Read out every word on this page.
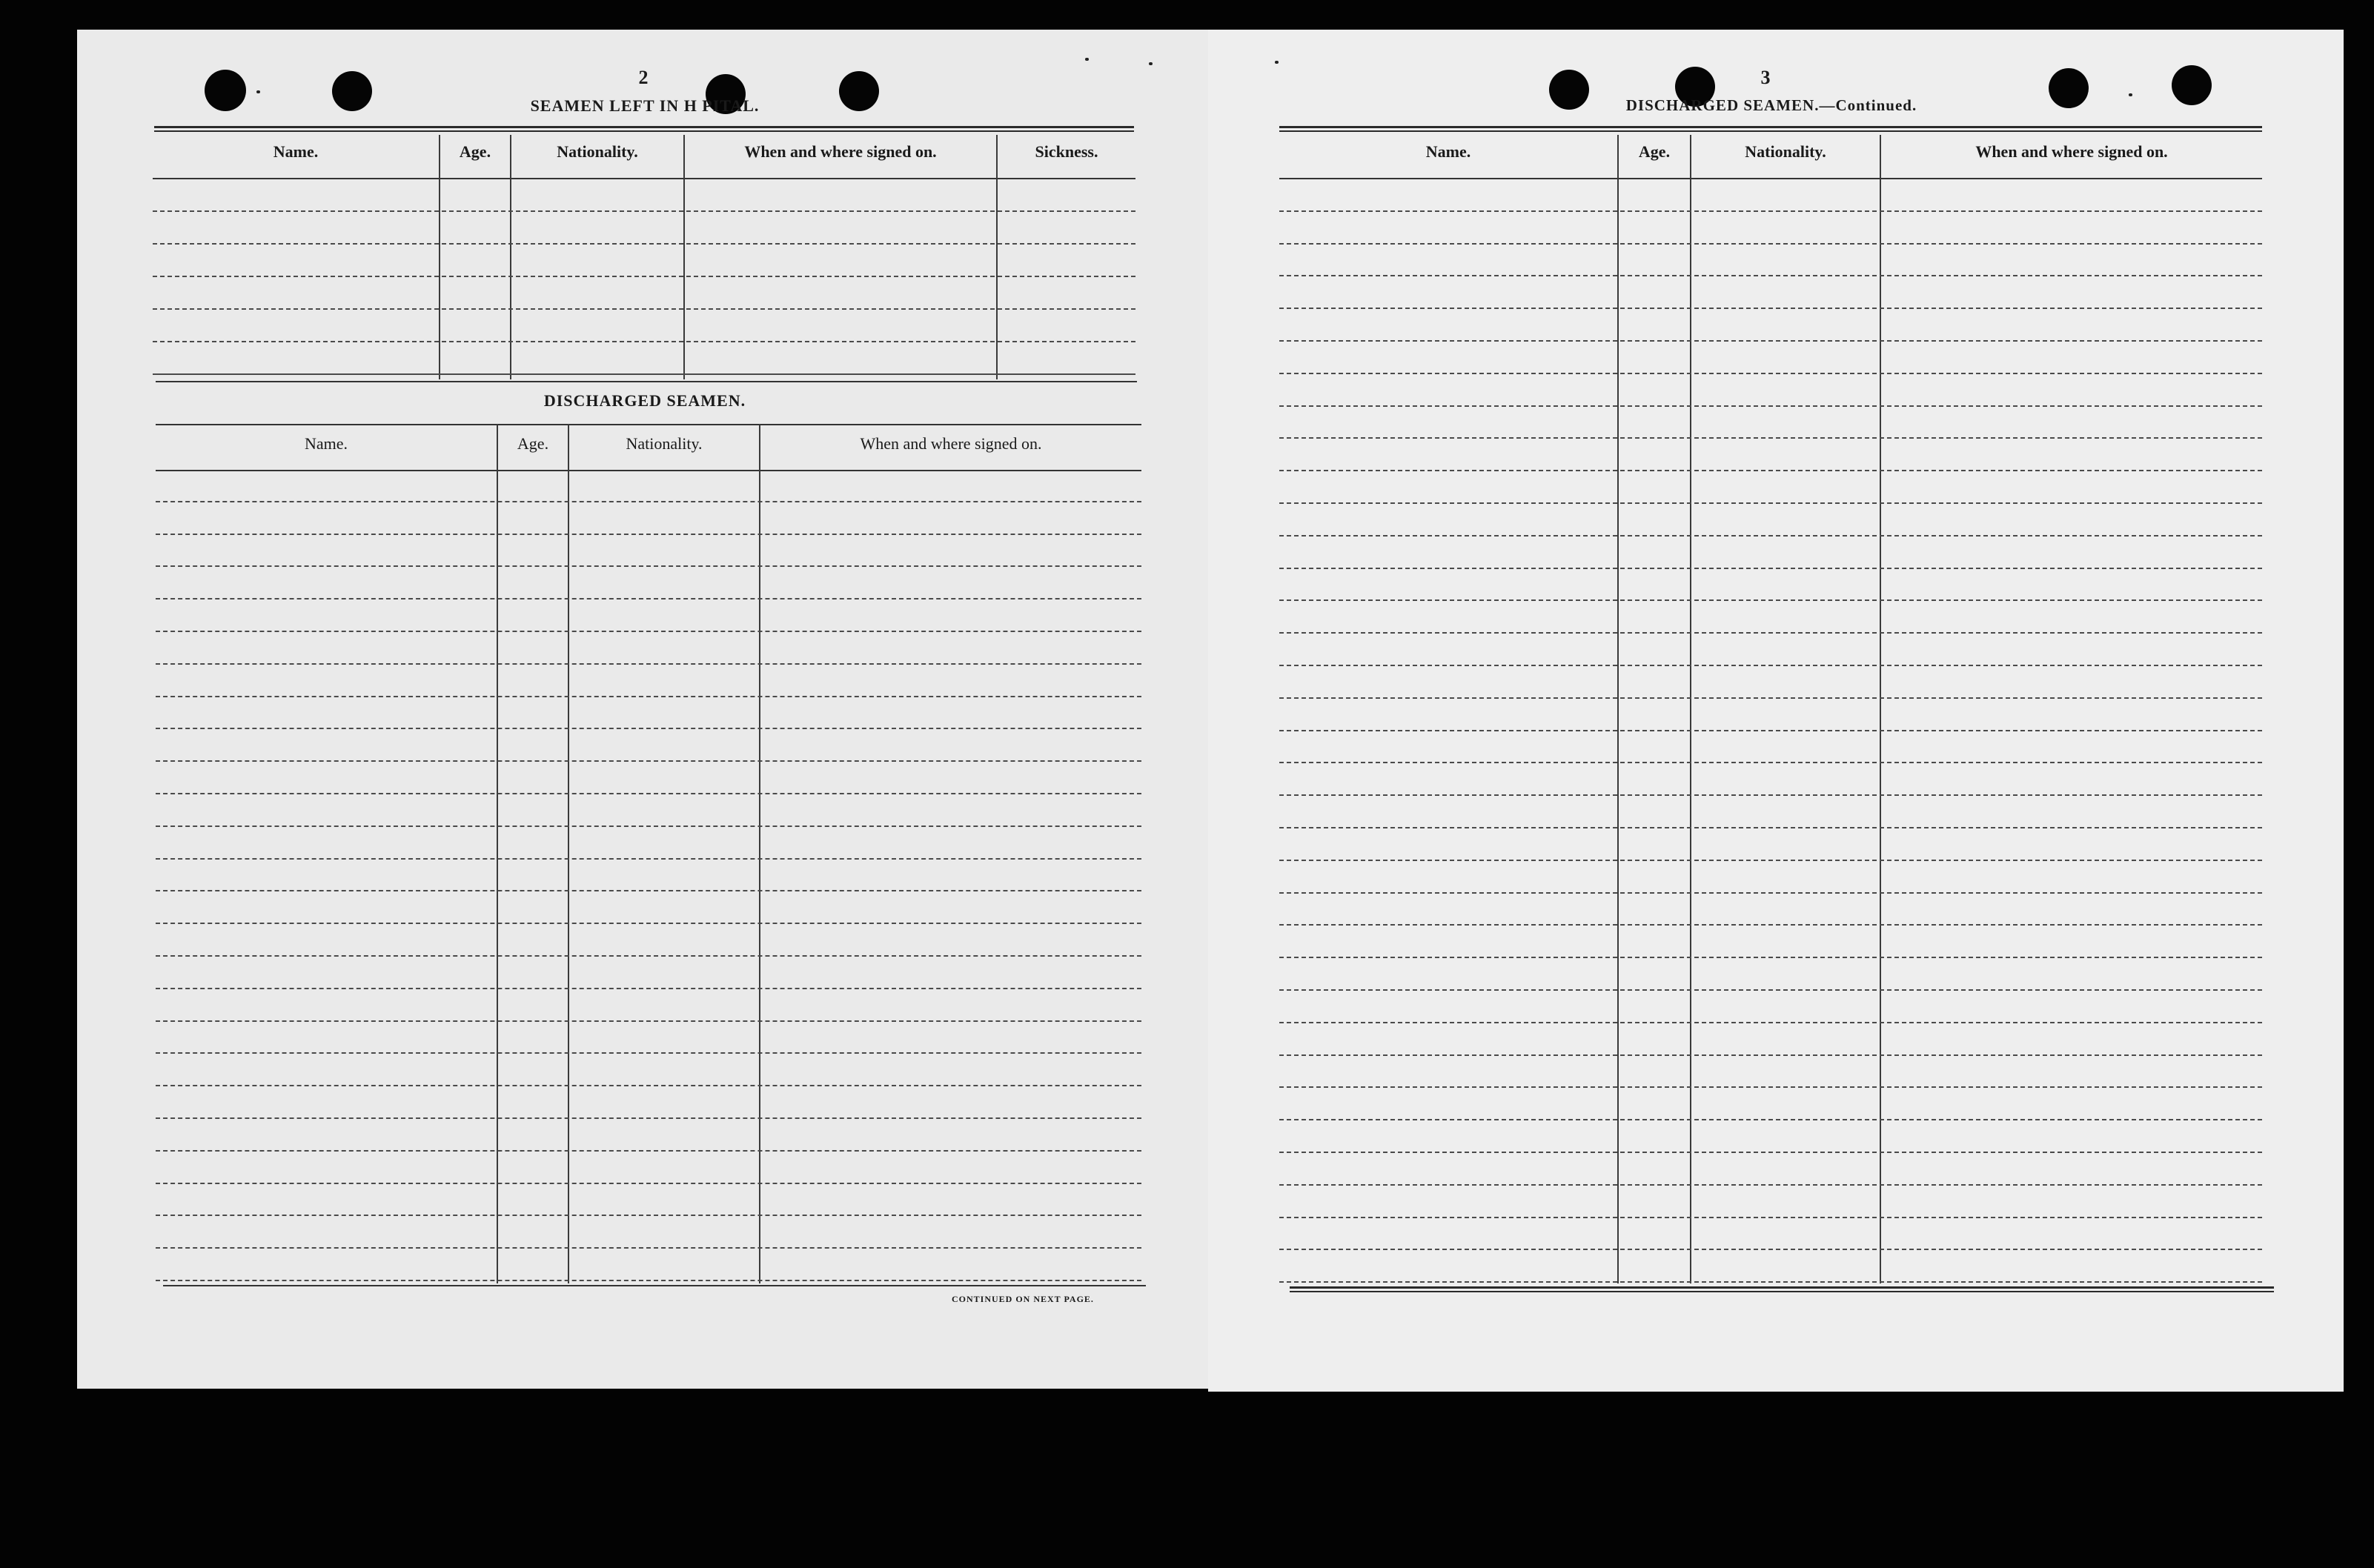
2
SEAMEN LEFT IN H PITAL.
Name.	Age.	Nationality.	When and where signed on.	Sickness.
DISCHARGED SEAMEN.
Name.	Age.	Nationality.	When and where signed on.
CONTINUED ON NEXT PAGE.
3
DISCHARGED SEAMEN.—Continued.
Name.	Age.	Nationality.	When and where signed on.
